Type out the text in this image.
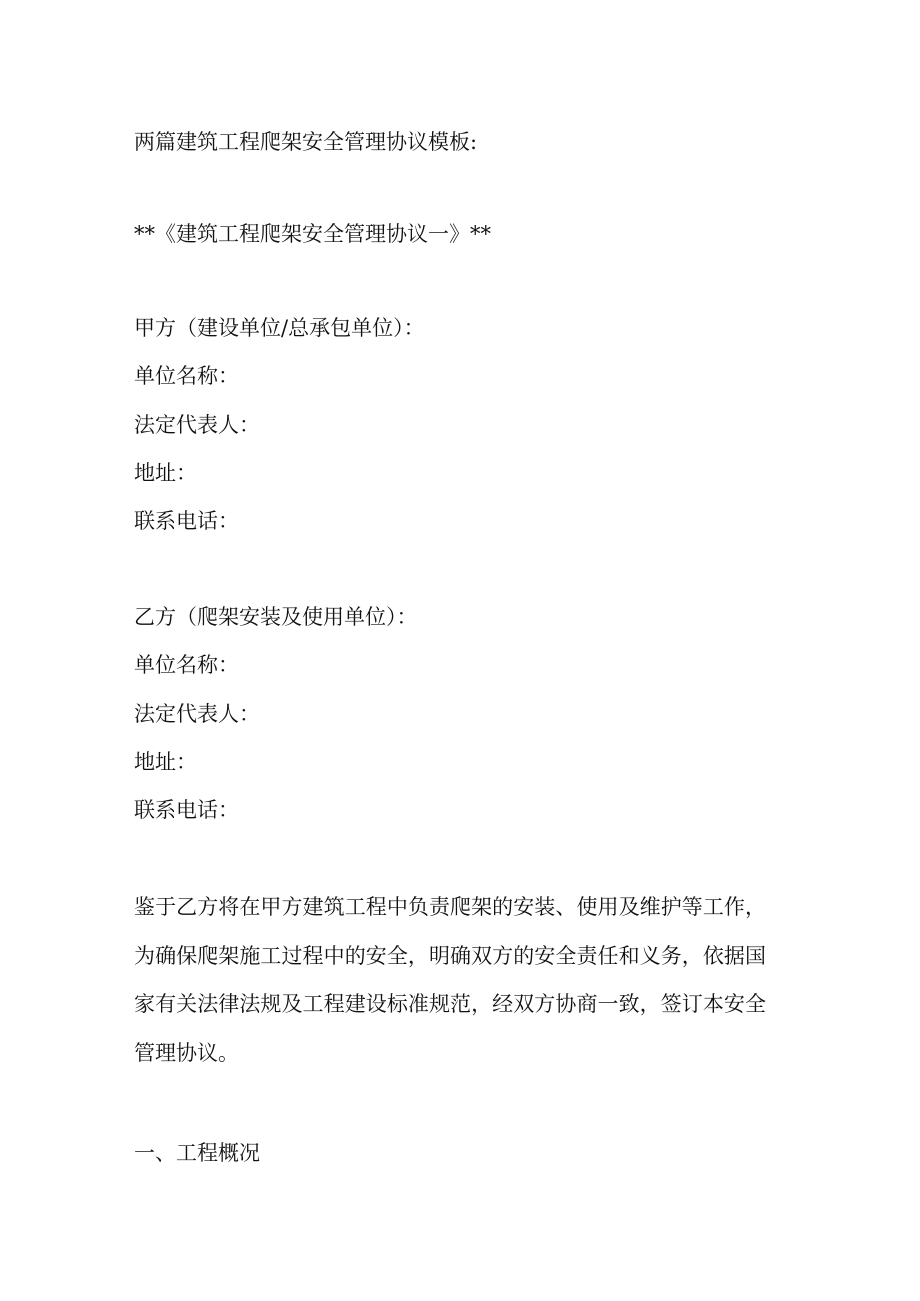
两篇建筑工程爬架安全管理协议模板:
**《建筑工程爬架安全管理协议一》**
甲方（建设单位/总承包单位）：
单位名称：
法定代表人：
地址：
联系电话：
乙方（爬架安装及使用单位）：
单位名称：
法定代表人：
地址：
联系电话：
鉴于乙方将在甲方建筑工程中负责爬架的安装、使用及维护等工作，为确保爬架施工过程中的安全，明确双方的安全责任和义务，依据国家有关法律法规及工程建设标准规范，经双方协商一致，签订本安全管理协议。
一、工程概况
